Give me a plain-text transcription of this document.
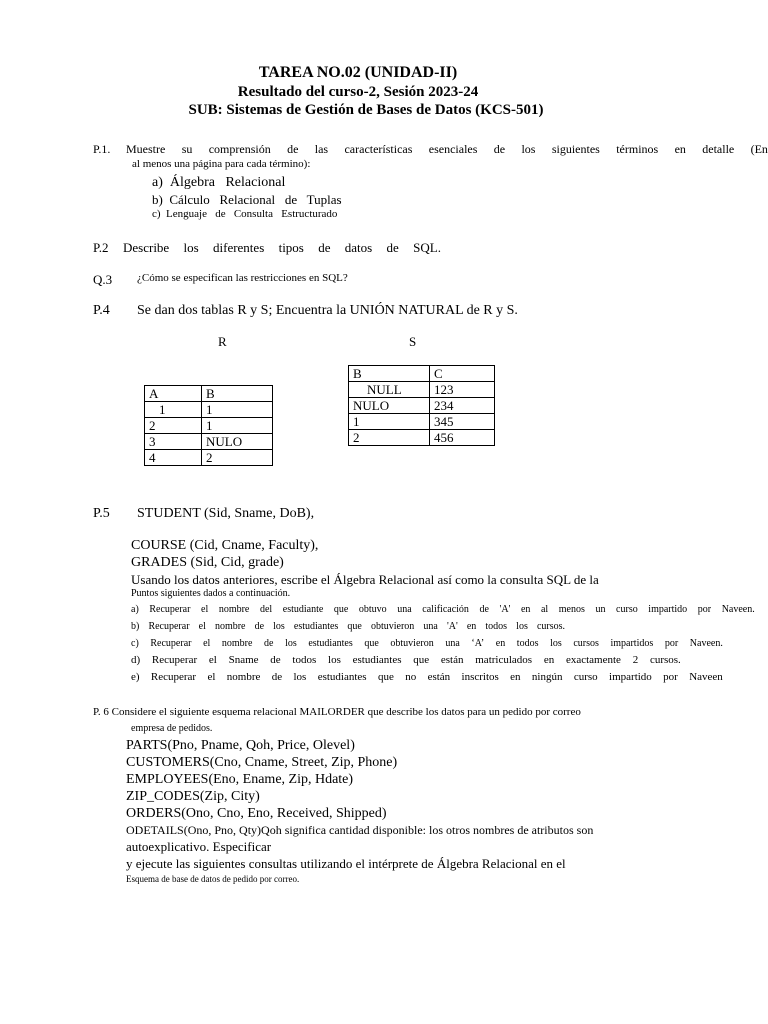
TAREA NO.02 (UNIDAD-II)
Resultado del curso-2, Sesión 2023-24
SUB: Sistemas de Gestión de Bases de Datos (KCS-501)
P.1. Muestre su comprensión de las características esenciales de los siguientes términos en detalle (En
al menos una página para cada término):
a)  Álgebra   Relacional
b)  Cálculo   Relacional   de   Tuplas
c)  Lenguaje   de   Consulta   Estructurado
P.2 Describe los diferentes tipos de datos de SQL.
Q.3 ¿Cómo se especifican las restricciones en SQL?
P.4 Se dan dos tablas R y S; Encuentra la UNIÓN NATURAL de R y S.
R	S
A	B
1	1
2	1
3	NULO
4	2
B	C
NULL	123
NULO	234
1	345
2	456
P.5 STUDENT (Sid, Sname, DoB),
COURSE (Cid, Cname, Faculty),
GRADES (Sid, Cid, grade)
Usando los datos anteriores, escribe el Álgebra Relacional así como la consulta SQL de la
Puntos siguientes dados a continuación.
a) Recuperar el nombre del estudiante que obtuvo una calificación de 'A' en al menos un curso impartido por Naveen.
b) Recuperar el nombre de los estudiantes que obtuvieron una 'A' en todos los cursos.
c) Recuperar el nombre de los estudiantes que obtuvieron una ‘A’ en todos los cursos impartidos por Naveen.
d) Recuperar el Sname de todos los estudiantes que están matriculados en exactamente 2 cursos.
e) Recuperar el nombre de los estudiantes que no están inscritos en ningún curso impartido por Naveen
P. 6 Considere el siguiente esquema relacional MAILORDER que describe los datos para un pedido por correo
empresa de pedidos.
PARTS(Pno, Pname, Qoh, Price, Olevel)
CUSTOMERS(Cno, Cname, Street, Zip, Phone)
EMPLOYEES(Eno, Ename, Zip, Hdate)
ZIP_CODES(Zip, City)
ORDERS(Ono, Cno, Eno, Received, Shipped)
ODETAILS(Ono, Pno, Qty)Qoh significa cantidad disponible: los otros nombres de atributos son
autoexplicativo. Especificar
y ejecute las siguientes consultas utilizando el intérprete de Álgebra Relacional en el
Esquema de base de datos de pedido por correo.
